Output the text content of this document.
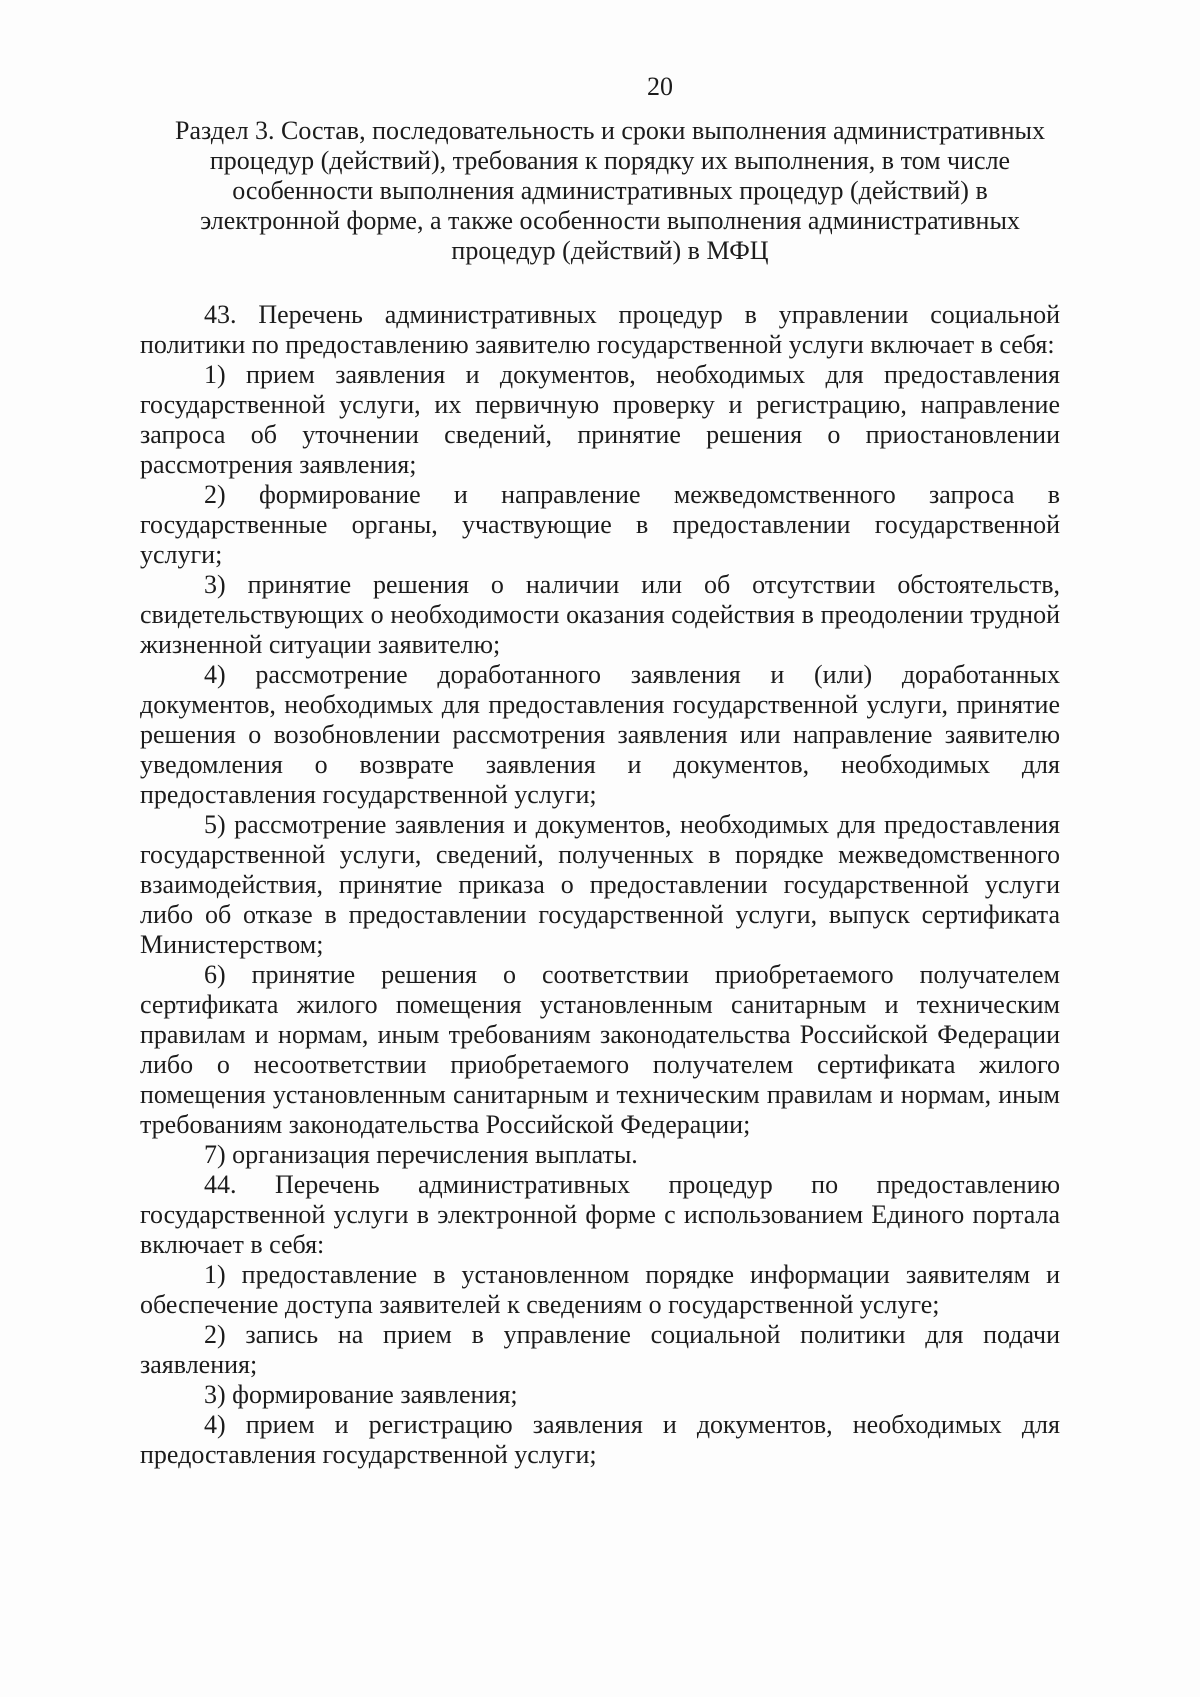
20
Раздел 3. Состав, последовательность и сроки выполнения административных процедур (действий), требования к порядку их выполнения, в том числе особенности выполнения административных процедур (действий) в электронной форме, а также особенности выполнения административных процедур (действий) в МФЦ

43. Перечень административных процедур в управлении социальной политики по предоставлению заявителю государственной услуги включает в себя:

1) прием заявления и документов, необходимых для предоставления государственной услуги, их первичную проверку и регистрацию, направление запроса об уточнении сведений, принятие решения о приостановлении рассмотрения заявления;

2) формирование и направление межведомственного запроса в государственные органы, участвующие в предоставлении государственной услуги;

3) принятие решения о наличии или об отсутствии обстоятельств, свидетельствующих о необходимости оказания содействия в преодолении трудной жизненной ситуации заявителю;

4) рассмотрение доработанного заявления и (или) доработанных документов, необходимых для предоставления государственной услуги, принятие решения о возобновлении рассмотрения заявления или направление заявителю уведомления о возврате заявления и документов, необходимых для предоставления государственной услуги;

5) рассмотрение заявления и документов, необходимых для предоставления государственной услуги, сведений, полученных в порядке межведомственного взаимодействия, принятие приказа о предоставлении государственной услуги либо об отказе в предоставлении государственной услуги, выпуск сертификата Министерством;

6) принятие решения о соответствии приобретаемого получателем сертификата жилого помещения установленным санитарным и техническим правилам и нормам, иным требованиям законодательства Российской Федерации либо о несоответствии приобретаемого получателем сертификата жилого помещения установленным санитарным и техническим правилам и нормам, иным требованиям законодательства Российской Федерации;

7) организация перечисления выплаты.

44. Перечень административных процедур по предоставлению государственной услуги в электронной форме с использованием Единого портала включает в себя:

1) предоставление в установленном порядке информации заявителям и обеспечение доступа заявителей к сведениям о государственной услуге;

2) запись на прием в управление социальной политики для подачи заявления;

3) формирование заявления;

4) прием и регистрацию заявления и документов, необходимых для предоставления государственной услуги;
